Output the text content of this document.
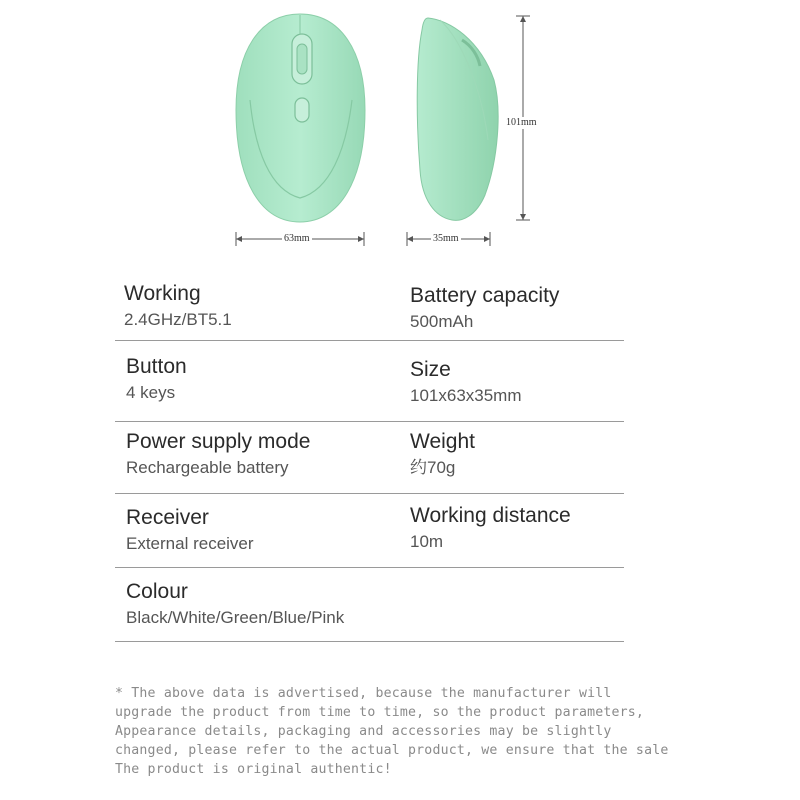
63mm	35mm
101mm
Working
2.4GHz/BT5.1
Battery capacity
500mAh
Button
4 keys
Size
101x63x35mm
Power supply mode
Rechargeable battery
Weight
约70g
Receiver
External receiver
Working distance
10m
Colour
Black/White/Green/Blue/Pink
* The above data is advertised, because the manufacturer will
upgrade the product from time to time, so the product parameters,
Appearance details, packaging and accessories may be slightly
changed, please refer to the actual product, we ensure that the sale
The product is original authentic!
